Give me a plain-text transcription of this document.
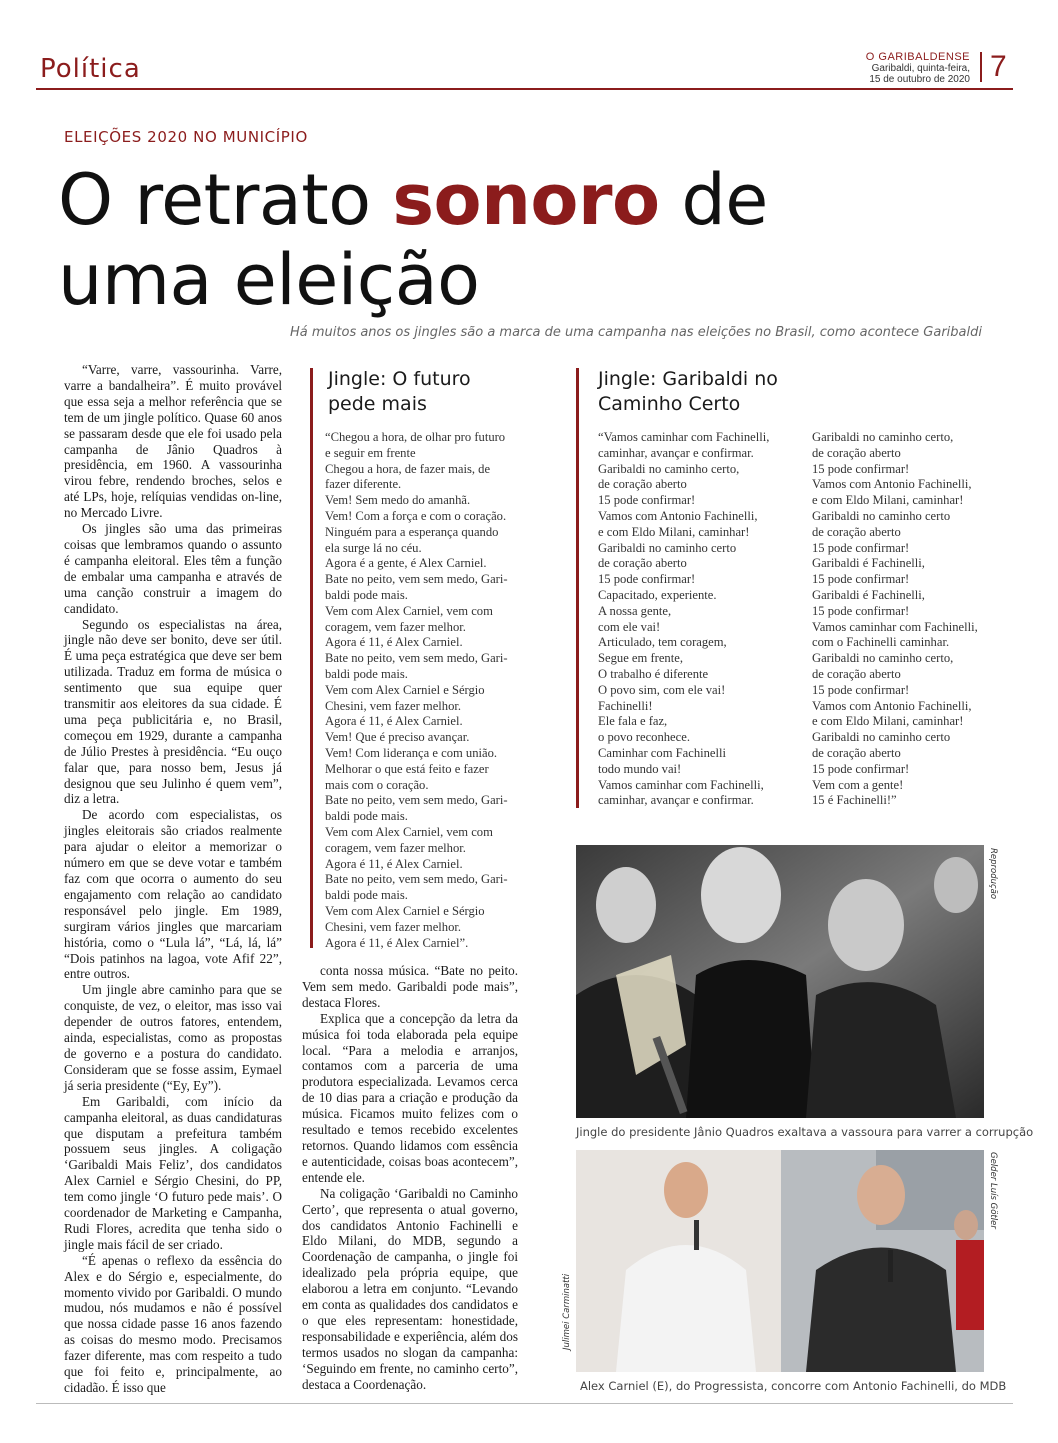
Política	O GARIBALDENSE
Garibaldi, quinta-feira,
15 de outubro de 2020 7
ELEIÇÕES 2020 NO MUNICÍPIO
O retrato sonoro de
uma eleição
Há muitos anos os jingles são a marca de uma campanha nas eleições no Brasil, como acontece Garibaldi

“Varre, varre, vassourinha. Varre, varre a bandalheira”. É muito provável que essa seja a melhor referência que se tem de um jingle político. Quase 60 anos se passaram desde que ele foi usado pela campanha de Jânio Quadros à presidência, em 1960. A vassourinha virou febre, rendendo broches, selos e até LPs, hoje, relíquias vendidas on-line, no Mercado Livre.

Os jingles são uma das primeiras coisas que lembramos quando o assunto é campanha eleitoral. Eles têm a função de embalar uma campanha e através de uma canção construir a imagem do candidato.

Segundo os especialistas na área, jingle não deve ser bonito, deve ser útil. É uma peça estratégica que deve ser bem utilizada. Traduz em forma de música o sentimento que sua equipe quer transmitir aos eleitores da sua cidade. É uma peça publicitária e, no Brasil, começou em 1929, durante a campanha de Júlio Prestes à presidência. “Eu ouço falar que, para nosso bem, Jesus já designou que seu Julinho é quem vem”, diz a letra.

De acordo com especialistas, os jingles eleitorais são criados realmente para ajudar o eleitor a memorizar o número em que se deve votar e também faz com que ocorra o aumento do seu engajamento com relação ao candidato responsável pelo jingle. Em 1989, surgiram vários jingles que marcariam história, como o “Lula lá”, “Lá, lá, lá” “Dois patinhos na lagoa, vote Afif 22”, entre outros.

Um jingle abre caminho para que se conquiste, de vez, o eleitor, mas isso vai depender de outros fatores, entendem, ainda, especialistas, como as propostas de governo e a postura do candidato. Consideram que se fosse assim, Eymael já seria presidente (“Ey, Ey”).

Em Garibaldi, com início da campanha eleitoral, as duas candidaturas que disputam a prefeitura também possuem seus jingles. A coligação ‘Garibaldi Mais Feliz’, dos candidatos Alex Carniel e Sérgio Chesini, do PP, tem como jingle ‘O futuro pede mais’. O coordenador de Marketing e Campanha, Rudi Flores, acredita que tenha sido o jingle mais fácil de ser criado.

“É apenas o reflexo da essência do Alex e do Sérgio e, especialmente, do momento vivido por Garibaldi. O mundo mudou, nós mudamos e não é possível que nossa cidade passe 16 anos fazendo as coisas do mesmo modo. Precisamos fazer diferente, mas com respeito a tudo que foi feito e, principalmente, ao cidadão. É isso que

Jingle: O futuro
pede mais
“Chegou a hora, de olhar pro futuro
e seguir em frente
Chegou a hora, de fazer mais, de
fazer diferente.
Vem! Sem medo do amanhã.
Vem! Com a força e com o coração.
Ninguém para a esperança quando
ela surge lá no céu.
Agora é a gente, é Alex Carniel.
Bate no peito, vem sem medo, Gari-
baldi pode mais.
Vem com Alex Carniel, vem com
coragem, vem fazer melhor.
Agora é 11, é Alex Carniel.
Bate no peito, vem sem medo, Gari-
baldi pode mais.
Vem com Alex Carniel e Sérgio
Chesini, vem fazer melhor.
Agora é 11, é Alex Carniel.
Vem! Que é preciso avançar.
Vem! Com liderança e com união.
Melhorar o que está feito e fazer
mais com o coração.
Bate no peito, vem sem medo, Gari-
baldi pode mais.
Vem com Alex Carniel, vem com
coragem, vem fazer melhor.
Agora é 11, é Alex Carniel.
Bate no peito, vem sem medo, Gari-
baldi pode mais.
Vem com Alex Carniel e Sérgio
Chesini, vem fazer melhor.
Agora é 11, é Alex Carniel”.

conta nossa música. “Bate no peito. Vem sem medo. Garibaldi pode mais”, destaca Flores.

Explica que a concepção da letra da música foi toda elaborada pela equipe local. “Para a melodia e arranjos, contamos com a parceria de uma produtora especializada. Levamos cerca de 10 dias para a criação e produção da música. Ficamos muito felizes com o resultado e temos recebido excelentes retornos. Quando lidamos com essência e autenticidade, coisas boas acontecem”, entende ele.

Na coligação ‘Garibaldi no Caminho Certo’, que representa o atual governo, dos candidatos Antonio Fachinelli e Eldo Milani, do MDB, segundo a Coordenação de campanha, o jingle foi idealizado pela própria equipe, que elaborou a letra em conjunto. “Levando em conta as qualidades dos candidatos e o que eles representam: honestidade, responsabilidade e experiência, além dos termos usados no slogan da campanha: ‘Seguindo em frente, no caminho certo”, destaca a Coordenação.

Jingle: Garibaldi no
Caminho Certo
“Vamos caminhar com Fachinelli,
caminhar, avançar e confirmar.
Garibaldi no caminho certo,
de coração aberto
15 pode confirmar!
Vamos com Antonio Fachinelli,
e com Eldo Milani, caminhar!
Garibaldi no caminho certo
de coração aberto
15 pode confirmar!
Capacitado, experiente.
A nossa gente,
com ele vai!
Articulado, tem coragem,
Segue em frente,
O trabalho é diferente
O povo sim, com ele vai!
Fachinelli!
Ele fala e faz,
o povo reconhece.
Caminhar com Fachinelli
todo mundo vai!
Vamos caminhar com Fachinelli,
caminhar, avançar e confirmar.
Garibaldi no caminho certo,
de coração aberto
15 pode confirmar!
Vamos com Antonio Fachinelli,
e com Eldo Milani, caminhar!
Garibaldi no caminho certo
de coração aberto
15 pode confirmar!
Garibaldi é Fachinelli,
15 pode confirmar!
Garibaldi é Fachinelli,
15 pode confirmar!
Vamos caminhar com Fachinelli,
com o Fachinelli caminhar.
Garibaldi no caminho certo,
de coração aberto
15 pode confirmar!
Vamos com Antonio Fachinelli,
e com Eldo Milani, caminhar!
Garibaldi no caminho certo
de coração aberto
15 pode confirmar!
Vem com a gente!
15 é Fachinelli!”
Reprodução
Jingle do presidente Jânio Quadros exaltava a vassoura para varrer a corrupção
Julimei Carminatti
Gelder Luís Götler
Alex Carniel (E), do Progressista, concorre com Antonio Fachinelli, do MDB
